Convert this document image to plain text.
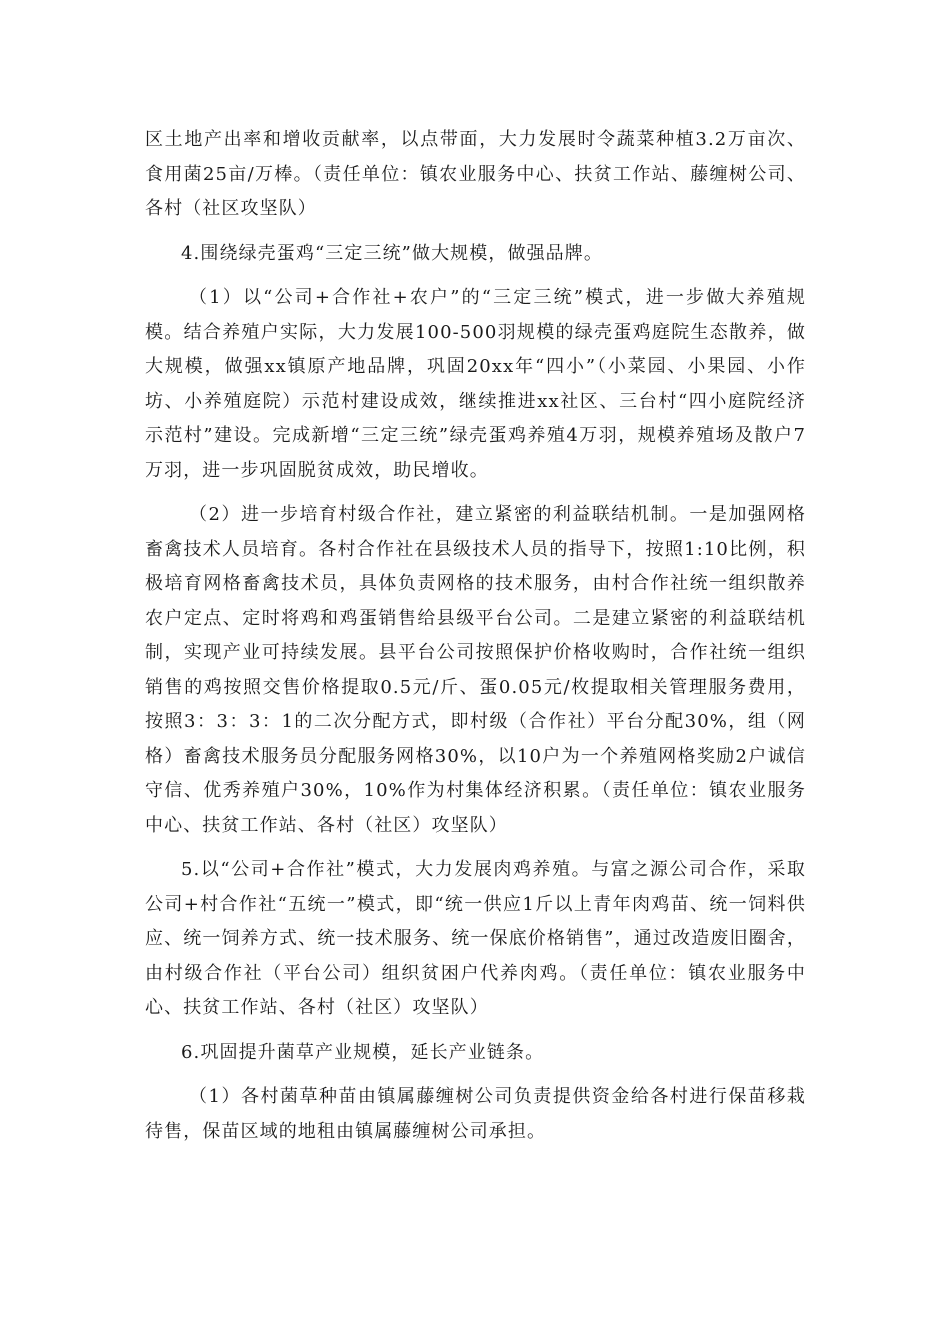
区土地产出率和增收贡献率，以点带面，大力发展时令蔬菜种植3.2万亩次、食用菌25亩/万棒。（责任单位：镇农业服务中心、扶贫工作站、藤缠树公司、各村（社区攻坚队）

4.围绕绿壳蛋鸡“三定三统”做大规模，做强品牌。

（1）以“公司+合作社+农户”的“三定三统”模式，进一步做大养殖规模。结合养殖户实际，大力发展100-500羽规模的绿壳蛋鸡庭院生态散养，做大规模，做强xx镇原产地品牌，巩固20xx年“四小”（小菜园、小果园、小作坊、小养殖庭院）示范村建设成效，继续推进xx社区、三台村“四小庭院经济示范村”建设。完成新增“三定三统”绿壳蛋鸡养殖4万羽，规模养殖场及散户7万羽，进一步巩固脱贫成效，助民增收。

（2）进一步培育村级合作社，建立紧密的利益联结机制。一是加强网格畜禽技术人员培育。各村合作社在县级技术人员的指导下，按照1:10比例，积极培育网格畜禽技术员，具体负责网格的技术服务，由村合作社统一组织散养农户定点、定时将鸡和鸡蛋销售给县级平台公司。二是建立紧密的利益联结机制，实现产业可持续发展。县平台公司按照保护价格收购时，合作社统一组织销售的鸡按照交售价格提取0.5元/斤、蛋0.05元/枚提取相关管理服务费用，按照3：3：3：1的二次分配方式，即村级（合作社）平台分配30%，组（网格）畜禽技术服务员分配服务网格30%，以10户为一个养殖网格奖励2户诚信守信、优秀养殖户30%，10%作为村集体经济积累。（责任单位：镇农业服务中心、扶贫工作站、各村（社区）攻坚队）

5.以“公司+合作社”模式，大力发展肉鸡养殖。与富之源公司合作，采取公司+村合作社“五统一”模式，即“统一供应1斤以上青年肉鸡苗、统一饲料供应、统一饲养方式、统一技术服务、统一保底价格销售”，通过改造废旧圈舍，由村级合作社（平台公司）组织贫困户代养肉鸡。（责任单位：镇农业服务中心、扶贫工作站、各村（社区）攻坚队）

6.巩固提升菌草产业规模，延长产业链条。

（1）各村菌草种苗由镇属藤缠树公司负责提供资金给各村进行保苗移栽待售，保苗区域的地租由镇属藤缠树公司承担。
